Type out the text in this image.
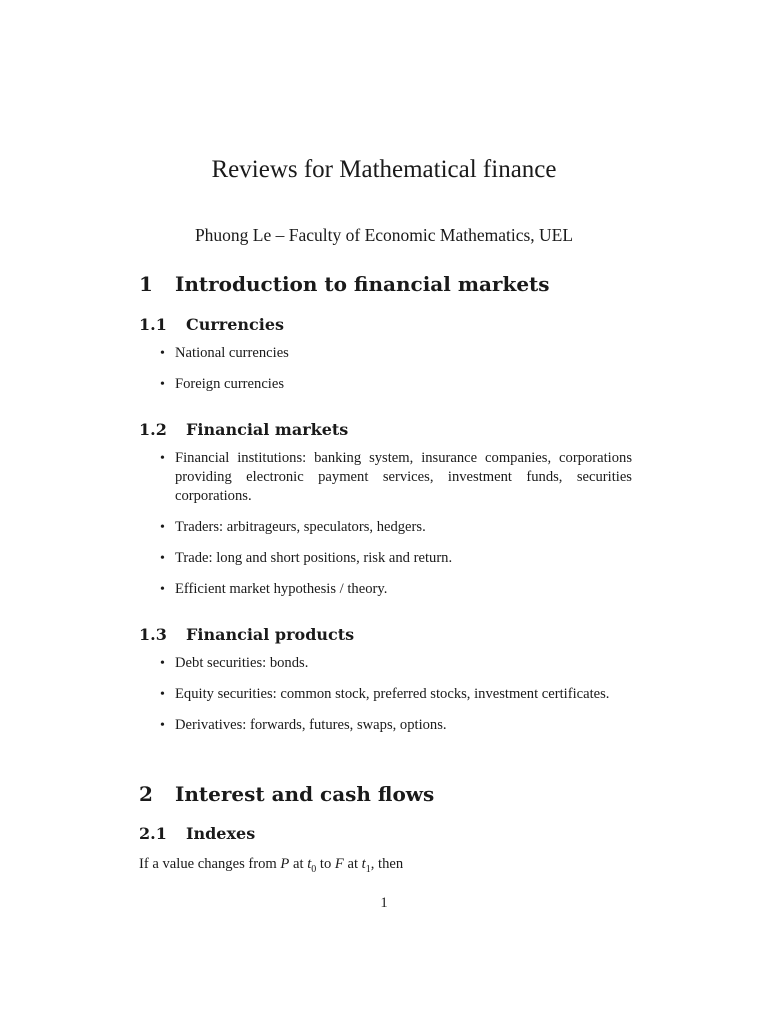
Reviews for Mathematical finance
Phuong Le – Faculty of Economic Mathematics, UEL
1 Introduction to financial markets
1.1 Currencies
• National currencies
• Foreign currencies
1.2 Financial markets
• Financial institutions: banking system, insurance companies, corporations providing electronic payment services, investment funds, securities corporations.
• Traders: arbitrageurs, speculators, hedgers.
• Trade: long and short positions, risk and return.
• Efficient market hypothesis / theory.
1.3 Financial products
• Debt securities: bonds.
• Equity securities: common stock, preferred stocks, investment certificates.
• Derivatives: forwards, futures, swaps, options.
2 Interest and cash flows
2.1 Indexes
If a value changes from P at $t_0$ to F at $t_1$, then
1
